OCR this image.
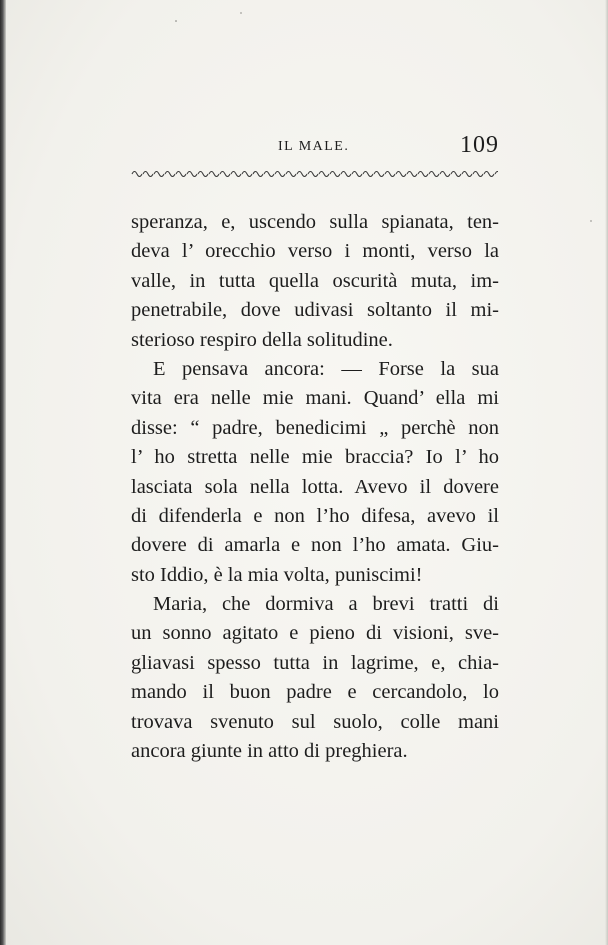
IL MALE.	109
speranza, e, uscendo sulla spianata, ten-
deva l’ orecchio verso i monti, verso la
valle, in tutta quella oscurità muta, im-
penetrabile, dove udivasi soltanto il mi-
sterioso respiro della solitudine.
E pensava ancora: — Forse la sua
vita era nelle mie mani. Quand’ ella mi
disse: “ padre, benedicimi „ perchè non
l’ ho stretta nelle mie braccia? Io l’ ho
lasciata sola nella lotta. Avevo il dovere
di difenderla e non l’ho difesa, avevo il
dovere di amarla e non l’ho amata. Giu-
sto Iddio, è la mia volta, puniscimi!
Maria, che dormiva a brevi tratti di
un sonno agitato e pieno di visioni, sve-
gliavasi spesso tutta in lagrime, e, chia-
mando il buon padre e cercandolo, lo
trovava svenuto sul suolo, colle mani
ancora giunte in atto di preghiera.
